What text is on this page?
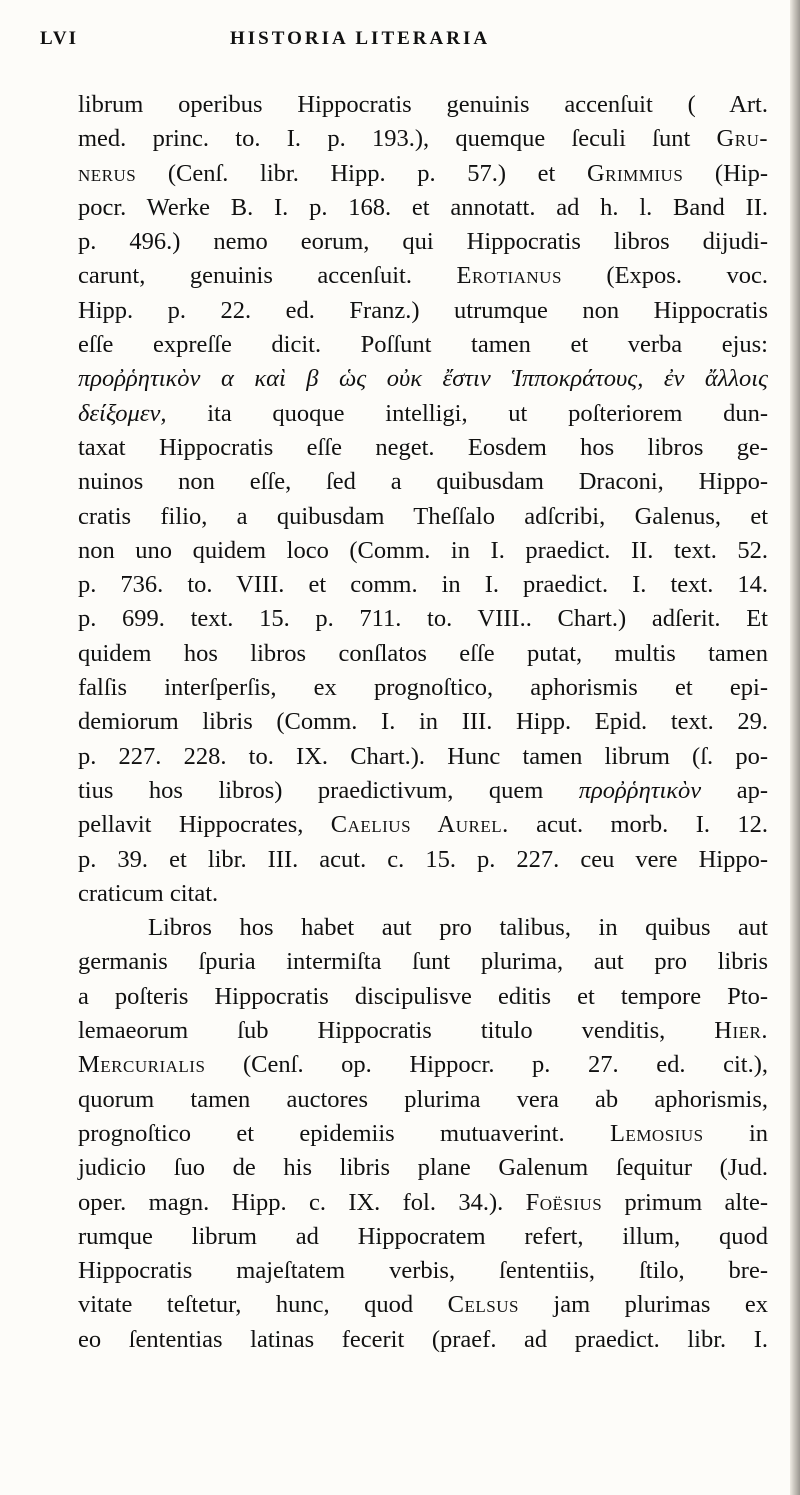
LVI	HISTORIA LITERARIA
librum operibus Hippocratis genuinis accenſuit ( Art.
med. princ. to. I. p. 193.), quemque ſeculi ſunt Gru-
nerus (Cenſ. libr. Hipp. p. 57.) et Grimmius (Hip-
pocr. Werke B. I. p. 168. et annotatt. ad h. l. Band II.
p. 496.) nemo eorum, qui Hippocratis libros dijudi-
carunt, genuinis accenſuit. Erotianus (Expos. voc.
Hipp. p. 22. ed. Franz.) utrumque non Hippocratis
eſſe expreſſe dicit. Poſſunt tamen et verba ejus:
προῤῥητικὸν α καὶ β ὡς οὐκ ἔστιν Ἱπποκράτους, ἐν ἄλλοις
δείξομεν, ita quoque intelligi, ut poſteriorem dun-
taxat Hippocratis eſſe neget. Eosdem hos libros ge-
nuinos non eſſe, ſed a quibusdam Draconi, Hippo-
cratis filio, a quibusdam Theſſalo adſcribi, Galenus, et
non uno quidem loco (Comm. in I. praedict. II. text. 52.
p. 736. to. VIII. et comm. in I. praedict. I. text. 14.
p. 699. text. 15. p. 711. to. VIII.. Chart.) adſerit. Et
quidem hos libros conſlatos eſſe putat, multis tamen
falſis interſperſis, ex prognoſtico, aphorismis et epi-
demiorum libris (Comm. I. in III. Hipp. Epid. text. 29.
p. 227. 228. to. IX. Chart.). Hunc tamen librum (ſ. po-
tius hos libros) praedictivum, quem προῤῥητικὸν ap-
pellavit Hippocrates, Caelius Aurel. acut. morb. I. 12.
p. 39. et libr. III. acut. c. 15. p. 227. ceu vere Hippo-
craticum citat.
Libros hos habet aut pro talibus, in quibus aut
germanis ſpuria intermiſta ſunt plurima, aut pro libris
a poſteris Hippocratis discipulisve editis et tempore Pto-
lemaeorum ſub Hippocratis titulo venditis, Hier.
Mercurialis (Cenſ. op. Hippocr. p. 27. ed. cit.),
quorum tamen auctores plurima vera ab aphorismis,
prognoſtico et epidemiis mutuaverint. Lemosius in
judicio ſuo de his libris plane Galenum ſequitur (Jud.
oper. magn. Hipp. c. IX. fol. 34.). Foësius primum alte-
rumque librum ad Hippocratem refert, illum, quod
Hippocratis majeſtatem verbis, ſententiis, ſtilo, bre-
vitate teſtetur, hunc, quod Celsus jam plurimas ex
eo ſententias latinas fecerit (praef. ad praedict. libr. I.
